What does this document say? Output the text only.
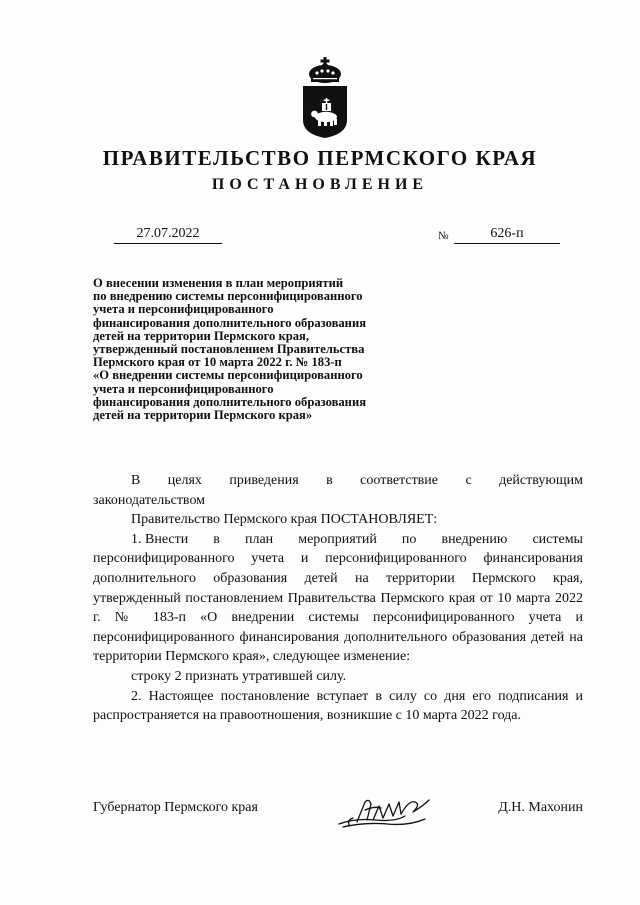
ПРАВИТЕЛЬСТВО ПЕРМСКОГО КРАЯ
ПОСТАНОВЛЕНИЕ
27.07.2022	№	626-п
О внесении изменения в план мероприятий
по внедрению системы персонифицированного
учета и персонифицированного
финансирования дополнительного образования
детей на территории Пермского края,
утвержденный постановлением Правительства
Пермского края от 10 марта 2022 г. № 183-п
«О внедрении системы персонифицированного
учета и персонифицированного
финансирования дополнительного образования
детей на территории Пермского края»

В целях приведения в соответствие с действующим

законодательством

Правительство Пермского края ПОСТАНОВЛЯЕТ:

1. Внести в план мероприятий по внедрению системы

персонифицированного учета и персонифицированного финансирования дополнительного образования детей на территории Пермского края, утвержденный постановлением Правительства Пермского края от 10 марта 2022 г. № 183-п «О внедрении системы персонифицированного учета и персонифицированного финансирования дополнительного образования детей на территории Пермского края», следующее изменение:

строку 2 признать утратившей силу.

2. Настоящее постановление вступает в силу со дня его подписания и распространяется на правоотношения, возникшие с 10 марта 2022 года.

Губернатор Пермского края	Д.Н. Махонин
